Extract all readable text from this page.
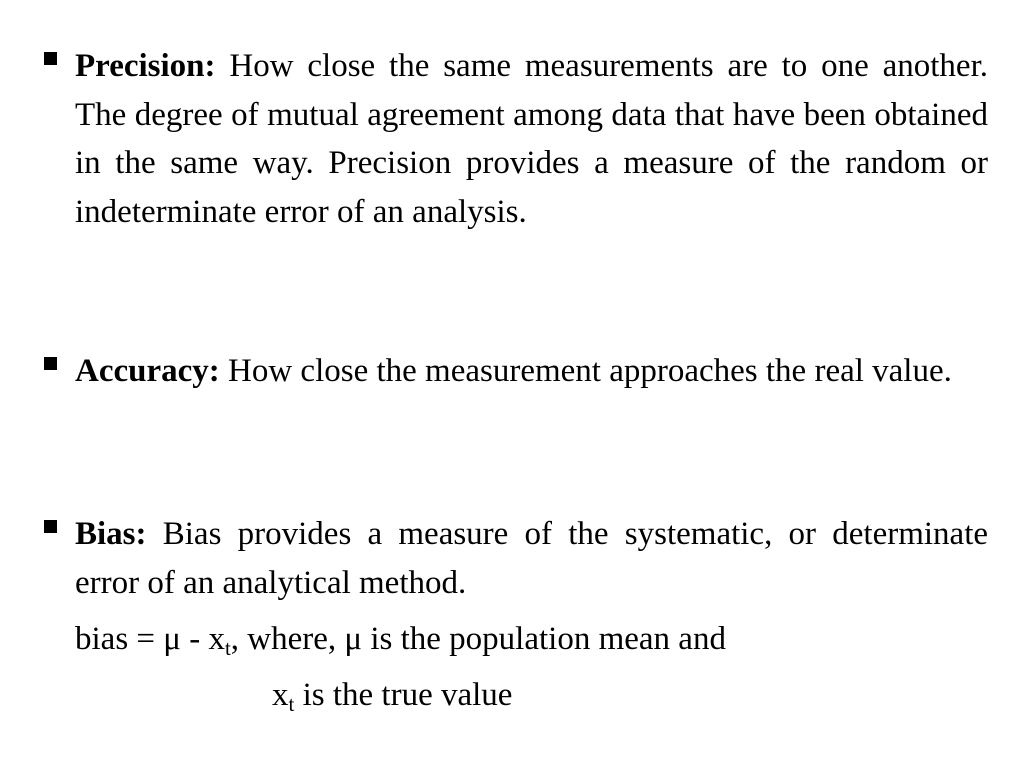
Precision: How close the same measurements are to one another. The degree of mutual agreement among data that have been obtained in the same way. Precision provides a measure of the random or indeterminate error of an analysis.
Accuracy: How close the measurement approaches the real value.
Bias: Bias provides a measure of the systematic, or determinate error of an analytical method.
bias = μ - $x_t$, where, μ is the population mean and
$x_t$ is the true value
